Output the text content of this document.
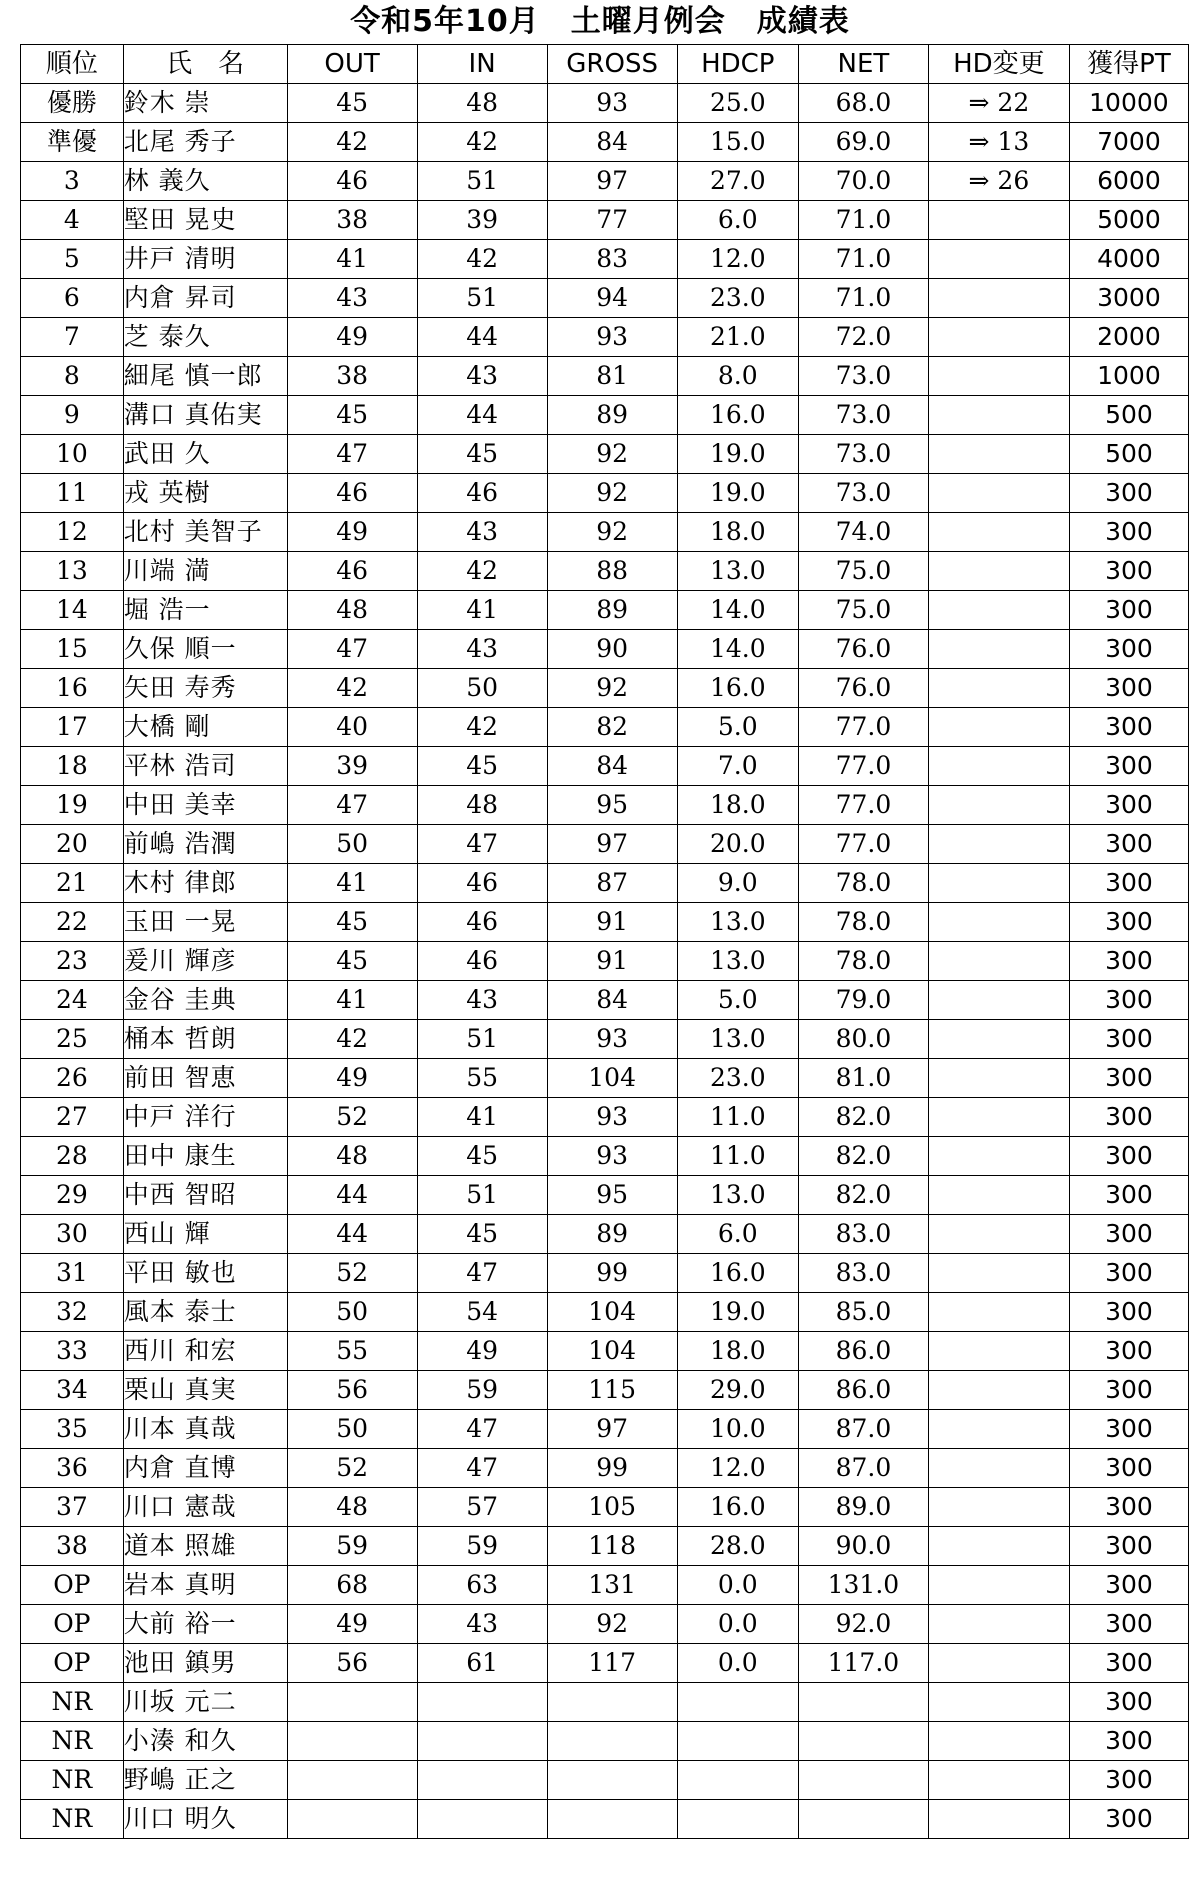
令和5年10月　土曜月例会　成績表
順位	氏　名	OUT	IN	GROSS	HDCP	NET	HD変更	獲得PT
優勝	鈴木 崇	45	48	93	25.0	68.0	⇒ 22	10000
準優	北尾 秀子	42	42	84	15.0	69.0	⇒ 13	7000
3	林 義久	46	51	97	27.0	70.0	⇒ 26	6000
4	堅田 晃史	38	39	77	6.0	71.0		5000
5	井戸 清明	41	42	83	12.0	71.0		4000
6	内倉 昇司	43	51	94	23.0	71.0		3000
7	芝 泰久	49	44	93	21.0	72.0		2000
8	細尾 慎一郎	38	43	81	8.0	73.0		1000
9	溝口 真佑実	45	44	89	16.0	73.0		500
10	武田 久	47	45	92	19.0	73.0		500
11	戎 英樹	46	46	92	19.0	73.0		300
12	北村 美智子	49	43	92	18.0	74.0		300
13	川端 満	46	42	88	13.0	75.0		300
14	堀 浩一	48	41	89	14.0	75.0		300
15	久保 順一	47	43	90	14.0	76.0		300
16	矢田 寿秀	42	50	92	16.0	76.0		300
17	大橋 剛	40	42	82	5.0	77.0		300
18	平林 浩司	39	45	84	7.0	77.0		300
19	中田 美幸	47	48	95	18.0	77.0		300
20	前嶋 浩潤	50	47	97	20.0	77.0		300
21	木村 律郎	41	46	87	9.0	78.0		300
22	玉田 一晃	45	46	91	13.0	78.0		300
23	爰川 輝彦	45	46	91	13.0	78.0		300
24	金谷 圭典	41	43	84	5.0	79.0		300
25	桶本 哲朗	42	51	93	13.0	80.0		300
26	前田 智恵	49	55	104	23.0	81.0		300
27	中戸 洋行	52	41	93	11.0	82.0		300
28	田中 康生	48	45	93	11.0	82.0		300
29	中西 智昭	44	51	95	13.0	82.0		300
30	西山 輝	44	45	89	6.0	83.0		300
31	平田 敏也	52	47	99	16.0	83.0		300
32	風本 泰士	50	54	104	19.0	85.0		300
33	西川 和宏	55	49	104	18.0	86.0		300
34	栗山 真実	56	59	115	29.0	86.0		300
35	川本 真哉	50	47	97	10.0	87.0		300
36	内倉 直博	52	47	99	12.0	87.0		300
37	川口 憲哉	48	57	105	16.0	89.0		300
38	道本 照雄	59	59	118	28.0	90.0		300
OP	岩本 真明	68	63	131	0.0	131.0		300
OP	大前 裕一	49	43	92	0.0	92.0		300
OP	池田 鎮男	56	61	117	0.0	117.0		300
NR	川坂 元二							300
NR	小湊 和久							300
NR	野嶋 正之							300
NR	川口 明久							300
